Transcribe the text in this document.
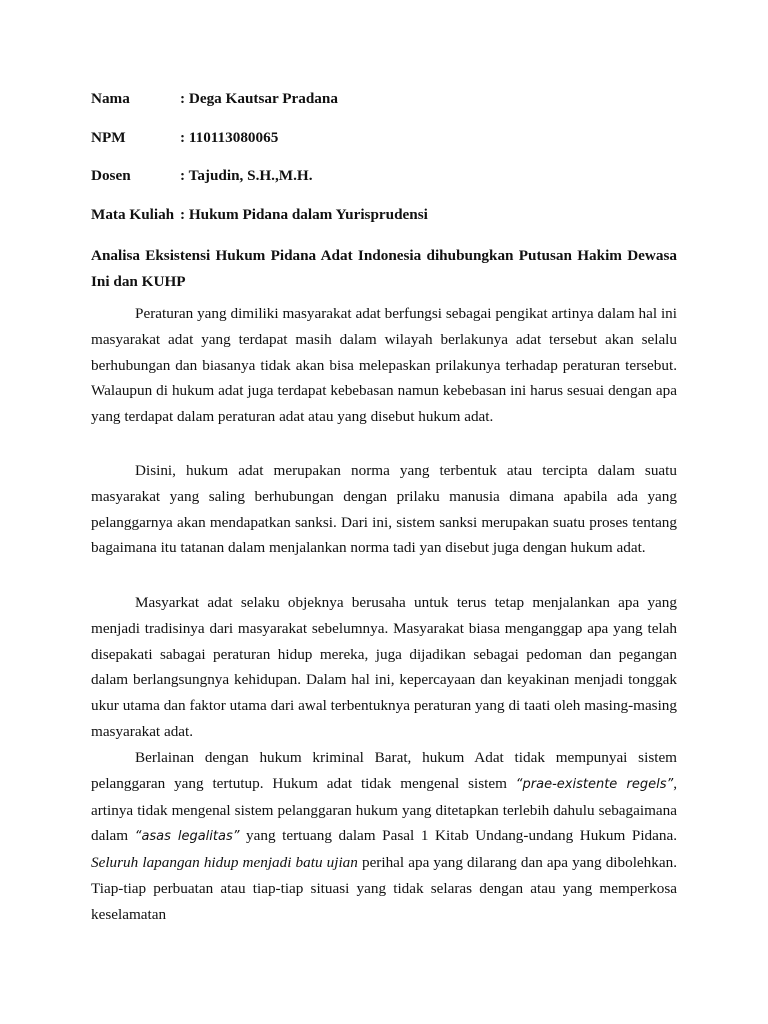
Nama	: Dega Kautsar Pradana
NPM	: 110113080065
Dosen	: Tajudin, S.H.,M.H.
Mata Kuliah : Hukum Pidana dalam Yurisprudensi
Analisa Eksistensi Hukum Pidana Adat Indonesia dihubungkan Putusan Hakim Dewasa Ini dan KUHP

Peraturan yang dimiliki masyarakat adat berfungsi sebagai pengikat artinya dalam hal ini masyarakat adat yang terdapat masih dalam wilayah berlakunya adat tersebut akan selalu berhubungan dan biasanya tidak akan bisa melepaskan prilakunya terhadap peraturan tersebut. Walaupun di hukum adat juga terdapat kebebasan namun kebebasan ini harus sesuai dengan apa yang terdapat dalam peraturan adat atau yang disebut hukum adat.

Disini, hukum adat merupakan norma yang terbentuk atau tercipta dalam suatu masyarakat yang saling berhubungan dengan prilaku manusia dimana apabila ada yang pelanggarnya akan mendapatkan sanksi. Dari ini, sistem sanksi merupakan suatu proses tentang bagaimana itu tatanan dalam menjalankan norma tadi yan disebut juga dengan hukum adat.

Masyarkat adat selaku objeknya berusaha untuk terus tetap menjalankan apa yang menjadi tradisinya dari masyarakat sebelumnya. Masyarakat biasa menganggap apa yang telah disepakati sabagai peraturan hidup mereka, juga dijadikan sebagai pedoman dan pegangan dalam berlangsungnya kehidupan. Dalam hal ini, kepercayaan dan keyakinan menjadi tonggak ukur utama dan faktor utama dari awal terbentuknya peraturan yang di taati oleh masing-masing masyarakat adat.

Berlainan dengan hukum kriminal Barat, hukum Adat tidak mempunyai sistem pelanggaran yang tertutup. Hukum adat tidak mengenal sistem “prae-existente regels”, artinya tidak mengenal sistem pelanggaran hukum yang ditetapkan terlebih dahulu sebagaimana dalam “asas legalitas” yang tertuang dalam Pasal 1 Kitab Undang-undang Hukum Pidana. Seluruh lapangan hidup menjadi batu ujian perihal apa yang dilarang dan apa yang dibolehkan. Tiap-tiap perbuatan atau tiap-tiap situasi yang tidak selaras dengan atau yang memperkosa keselamatan
